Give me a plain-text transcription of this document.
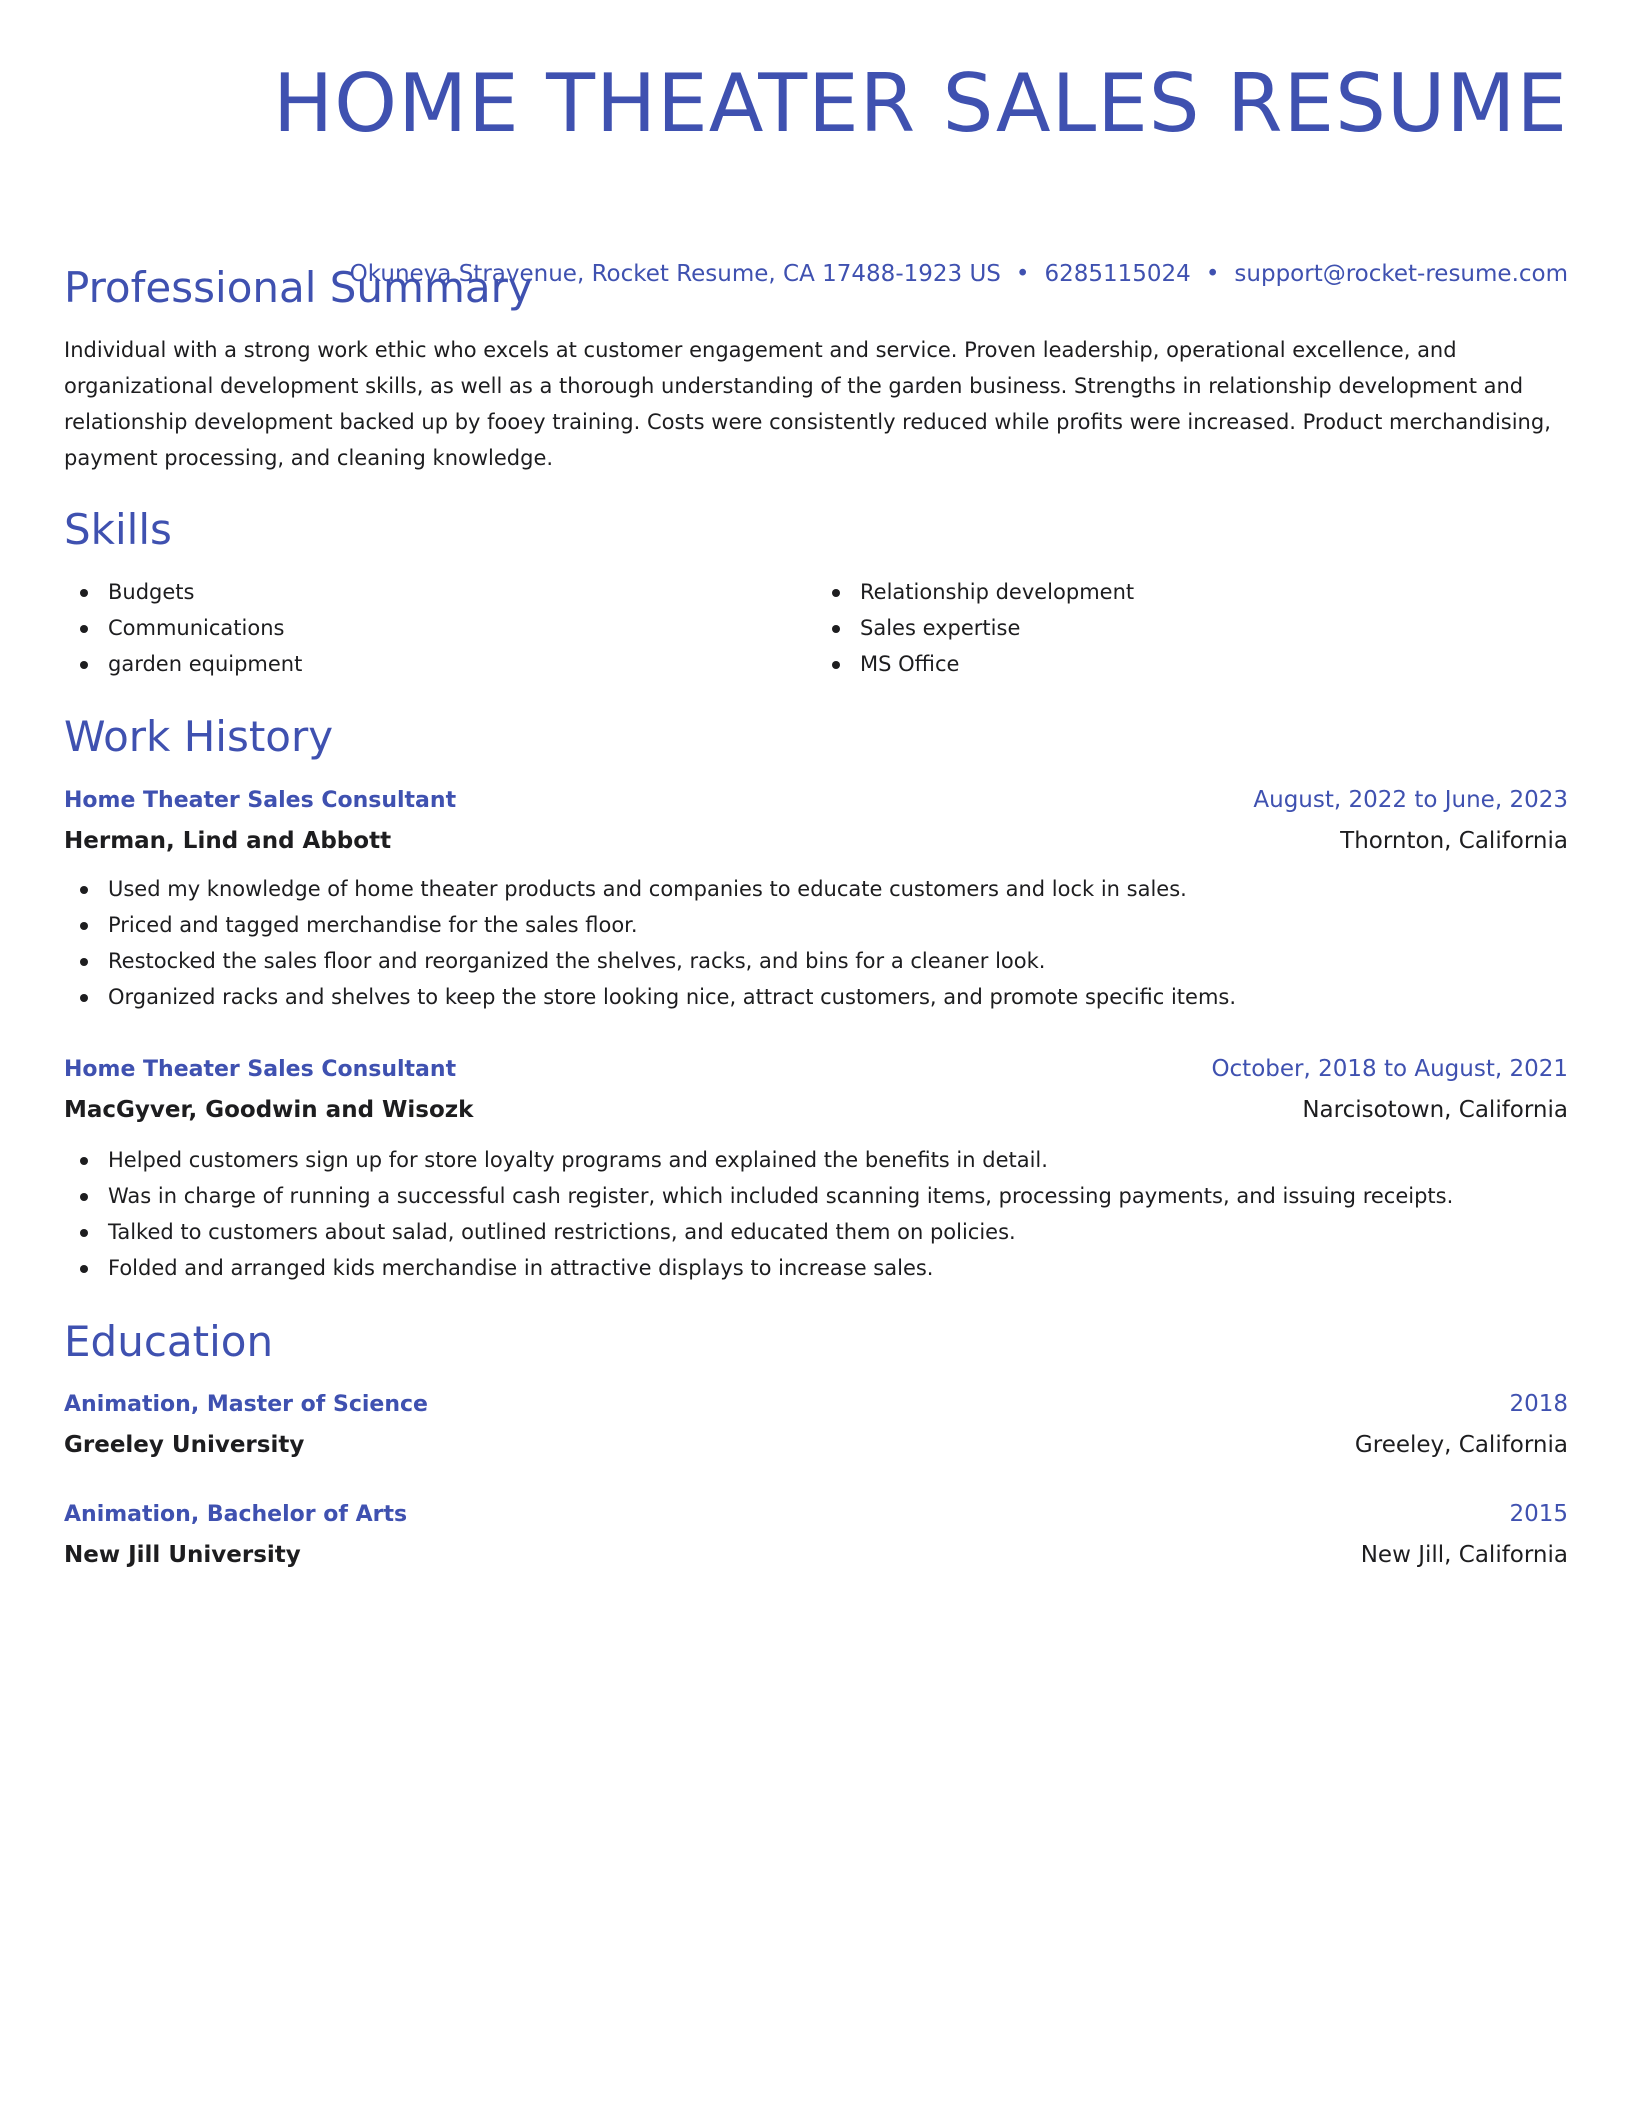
HOME THEATER SALES RESUME
Okuneva Stravenue, Rocket Resume, CA 17488-1923 US • 6285115024 • support@rocket-resume.com
Professional Summary

Individual with a strong work ethic who excels at customer engagement and service. Proven leadership, operational excellence, and organizational development skills, as well as a thorough understanding of the garden business. Strengths in relationship development and relationship development backed up by fooey training. Costs were consistently reduced while profits were increased. Product merchandising, payment processing, and cleaning knowledge.

Skills
Budgets
Communications
garden equipment
Relationship development
Sales expertise
MS Office
Work History
Home Theater Sales Consultant	August, 2022 to June, 2023
Herman, Lind and Abbott	Thornton, California
Used my knowledge of home theater products and companies to educate customers and lock in sales.
Priced and tagged merchandise for the sales floor.
Restocked the sales floor and reorganized the shelves, racks, and bins for a cleaner look.
Organized racks and shelves to keep the store looking nice, attract customers, and promote specific items.
Home Theater Sales Consultant	October, 2018 to August, 2021
MacGyver, Goodwin and Wisozk	Narcisotown, California
Helped customers sign up for store loyalty programs and explained the benefits in detail.
Was in charge of running a successful cash register, which included scanning items, processing payments, and issuing receipts.
Talked to customers about salad, outlined restrictions, and educated them on policies.
Folded and arranged kids merchandise in attractive displays to increase sales.
Education
Animation, Master of Science	2018
Greeley University	Greeley, California
Animation, Bachelor of Arts	2015
New Jill University	New Jill, California
